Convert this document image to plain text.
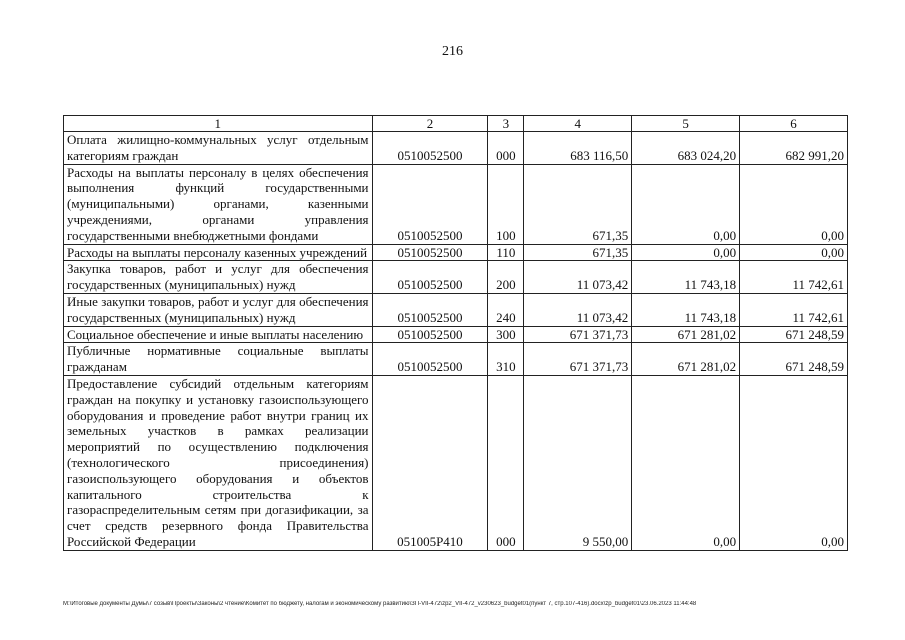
216
1	2	3	4	5	6
Оплата жилищно-коммунальных услуг отдельным категориям граждан	0510052500	000	683 116,50	683 024,20	682 991,20
Расходы на выплаты персоналу в целях обеспечения выполнения функций государственными (муниципальными) органами, казенными учреждениями, органами управления государственными внебюджетными фондами	0510052500	100	671,35	0,00	0,00
Расходы на выплаты персоналу казенных учреждений	0510052500	110	671,35	0,00	0,00
Закупка товаров, работ и услуг для обеспечения государственных (муниципальных) нужд	0510052500	200	11 073,42	11 743,18	11 742,61
Иные закупки товаров, работ и услуг для обеспечения государственных (муниципальных) нужд	0510052500	240	11 073,42	11 743,18	11 742,61
Социальное обеспечение и иные выплаты населению	0510052500	300	671 371,73	671 281,02	671 248,59
Публичные нормативные социальные выплаты гражданам	0510052500	310	671 371,73	671 281,02	671 248,59
Предоставление субсидий отдельным категориям граждан на покупку и установку газоиспользующего оборудования и проведение работ внутри границ их земельных участков в рамках реализации мероприятий по осуществлению подключения (технологического присоединения) газоиспользующего оборудования и объектов капитального строительства к газораспределительным сетям при догазификации, за счет средств резервного фонда Правительства Российской Федерации	051005P410	000	9 550,00	0,00	0,00
M:\Итоговые документы Думы\7 созыв\Проекты\Законы\2 чтение\Комитет по бюджету, налогам и экономическому развитию\ЗП-VII-472\zp2_VII-472_v230623_budget01(пункт 7, стр.107-416).docx\zp_budget01\23.06.2023 11:44:48
